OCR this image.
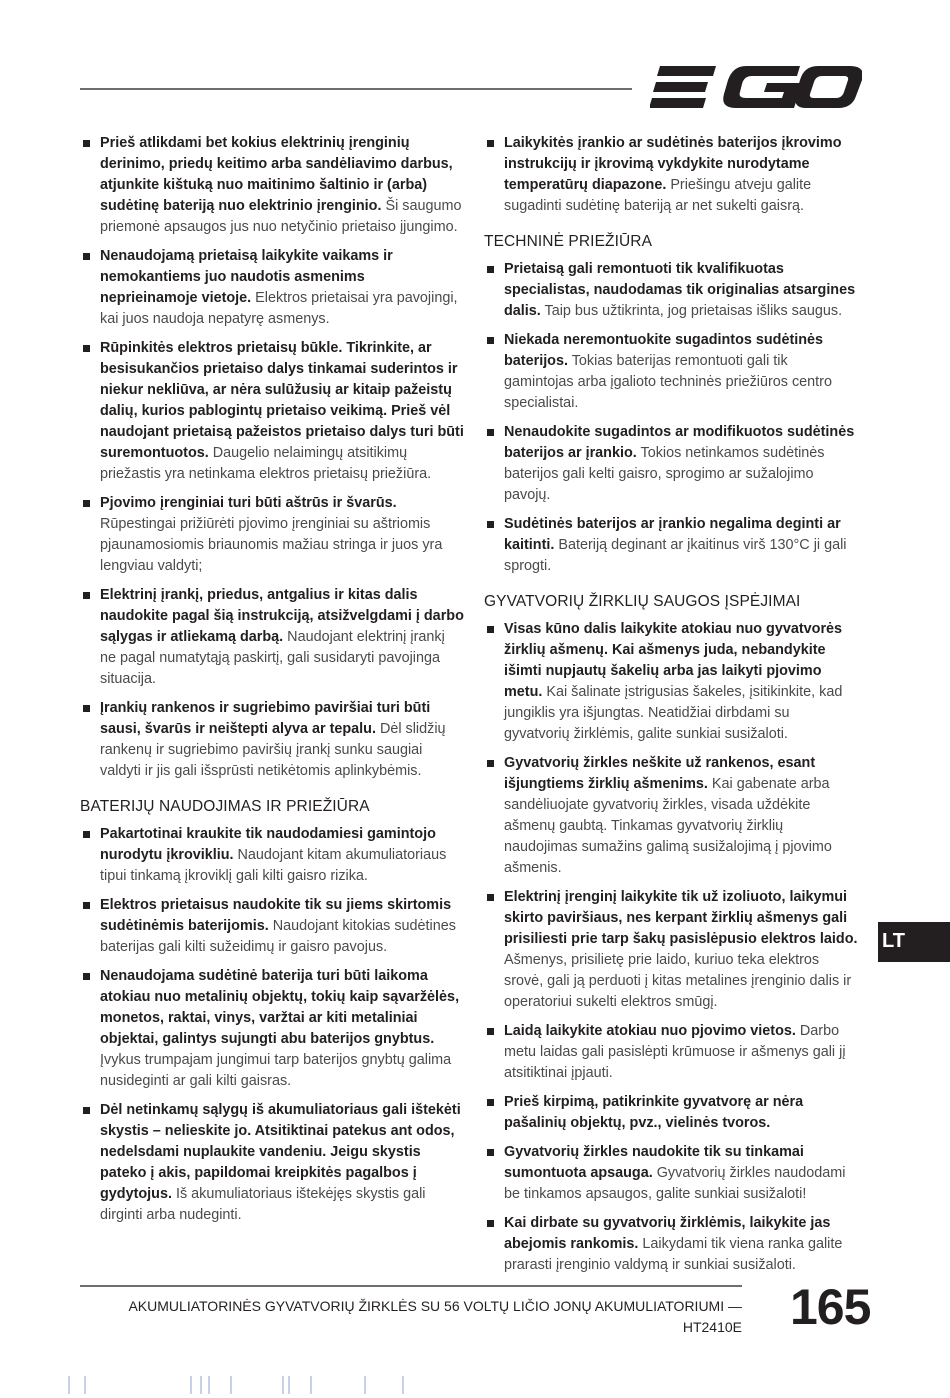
Prieš atlikdami bet kokius elektrinių įrenginių derinimo, priedų keitimo arba sandėliavimo darbus, atjunkite kištuką nuo maitinimo šaltinio ir (arba) sudėtinę bateriją nuo elektrinio įrenginio. Ši saugumo priemonė apsaugos jus nuo netyčinio prietaiso įjungimo.
Nenaudojamą prietaisą laikykite vaikams ir nemokantiems juo naudotis asmenims neprieinamoje vietoje. Elektros prietaisai yra pavojingi, kai juos naudoja nepatyrę asmenys.
Rūpinkitės elektros prietaisų būkle. Tikrinkite, ar besisukančios prietaiso dalys tinkamai suderintos ir niekur nekliūva, ar nėra sulūžusių ar kitaip pažeistų dalių, kurios pablogintų prietaiso veikimą. Prieš vėl naudojant prietaisą pažeistos prietaiso dalys turi būti suremontuotos. Daugelio nelaimingų atsitikimų priežastis yra netinkama elektros prietaisų priežiūra.
Pjovimo įrenginiai turi būti aštrūs ir švarūs. Rūpestingai prižiūrėti pjovimo įrenginiai su aštriomis pjaunamosiomis briaunomis mažiau stringa ir juos yra lengviau valdyti;
Elektrinį įrankį, priedus, antgalius ir kitas dalis naudokite pagal šią instrukciją, atsižvelgdami į darbo sąlygas ir atliekamą darbą. Naudojant elektrinį įrankį ne pagal numatytąją paskirtį, gali susidaryti pavojinga situacija.
Įrankių rankenos ir sugriebimo paviršiai turi būti sausi, švarūs ir neištepti alyva ar tepalu. Dėl slidžių rankenų ir sugriebimo paviršių įrankį sunku saugiai valdyti ir jis gali išsprūsti netikėtomis aplinkybėmis.
BATERIJŲ NAUDOJIMAS IR PRIEŽIŪRA
Pakartotinai kraukite tik naudodamiesi gamintojo nurodytu įkrovikliu. Naudojant kitam akumuliatoriaus tipui tinkamą įkroviklį gali kilti gaisro rizika.
Elektros prietaisus naudokite tik su jiems skirtomis sudėtinėmis baterijomis. Naudojant kitokias sudėtines baterijas gali kilti sužeidimų ir gaisro pavojus.
Nenaudojama sudėtinė baterija turi būti laikoma atokiau nuo metalinių objektų, tokių kaip sąvaržėlės, monetos, raktai, vinys, varžtai ar kiti metaliniai objektai, galintys sujungti abu baterijos gnybtus. Įvykus trumpajam jungimui tarp baterijos gnybtų galima nusideginti ar gali kilti gaisras.
Dėl netinkamų sąlygų iš akumuliatoriaus gali ištekėti skystis – nelieskite jo. Atsitiktinai patekus ant odos, nedelsdami nuplaukite vandeniu. Jeigu skystis pateko į akis, papildomai kreipkitės pagalbos į gydytojus. Iš akumuliatoriaus ištekėjęs skystis gali dirginti arba nudeginti.
Laikykitės įrankio ar sudėtinės baterijos įkrovimo instrukcijų ir įkrovimą vykdykite nurodytame temperatūrų diapazone. Priešingu atveju galite sugadinti sudėtinę bateriją ar net sukelti gaisrą.
TECHNINĖ PRIEŽIŪRA
Prietaisą gali remontuoti tik kvalifikuotas specialistas, naudodamas tik originalias atsargines dalis. Taip bus užtikrinta, jog prietaisas išliks saugus.
Niekada neremontuokite sugadintos sudėtinės baterijos. Tokias baterijas remontuoti gali tik gamintojas arba įgalioto techninės priežiūros centro specialistai.
Nenaudokite sugadintos ar modifikuotos sudėtinės baterijos ar įrankio. Tokios netinkamos sudėtinės baterijos gali kelti gaisro, sprogimo ar sužalojimo pavojų.
Sudėtinės baterijos ar įrankio negalima deginti ar kaitinti. Bateriją deginant ar įkaitinus virš 130°C ji gali sprogti.
GYVATVORIŲ ŽIRKLIŲ SAUGOS ĮSPĖJIMAI
Visas kūno dalis laikykite atokiau nuo gyvatvorės žirklių ašmenų. Kai ašmenys juda, nebandykite išimti nupjautų šakelių arba jas laikyti pjovimo metu. Kai šalinate įstrigusias šakeles, įsitikinkite, kad jungiklis yra išjungtas. Neatidžiai dirbdami su gyvatvorių žirklėmis, galite sunkiai susižaloti.
Gyvatvorių žirkles neškite už rankenos, esant išjungtiems žirklių ašmenims. Kai gabenate arba sandėliuojate gyvatvorių žirkles, visada uždėkite ašmenų gaubtą. Tinkamas gyvatvorių žirklių naudojimas sumažins galimą susižalojimą į pjovimo ašmenis.
Elektrinį įrenginį laikykite tik už izoliuoto, laikymui skirto paviršiaus, nes kerpant žirklių ašmenys gali prisiliesti prie tarp šakų pasislėpusio elektros laido. Ašmenys, prisilietę prie laido, kuriuo teka elektros srovė, gali ją perduoti į kitas metalines įrenginio dalis ir operatoriui sukelti elektros smūgį.
Laidą laikykite atokiau nuo pjovimo vietos. Darbo metu laidas gali pasislėpti krūmuose ir ašmenys gali jį atsitiktinai įpjauti.
Prieš kirpimą, patikrinkite gyvatvorę ar nėra pašalinių objektų, pvz., vielinės tvoros.
Gyvatvorių žirkles naudokite tik su tinkamai sumontuota apsauga. Gyvatvorių žirkles naudodami be tinkamos apsaugos, galite sunkiai susižaloti!
Kai dirbate su gyvatvorių žirklėmis, laikykite jas abejomis rankomis. Laikydami tik viena ranka galite prarasti įrenginio valdymą ir sunkiai susižaloti.
LT
AKUMULIATORINĖS GYVATVORIŲ ŽIRKLĖS SU 56 VOLTŲ LIČIO JONŲ AKUMULIATORIUMI —
HT2410E 165
